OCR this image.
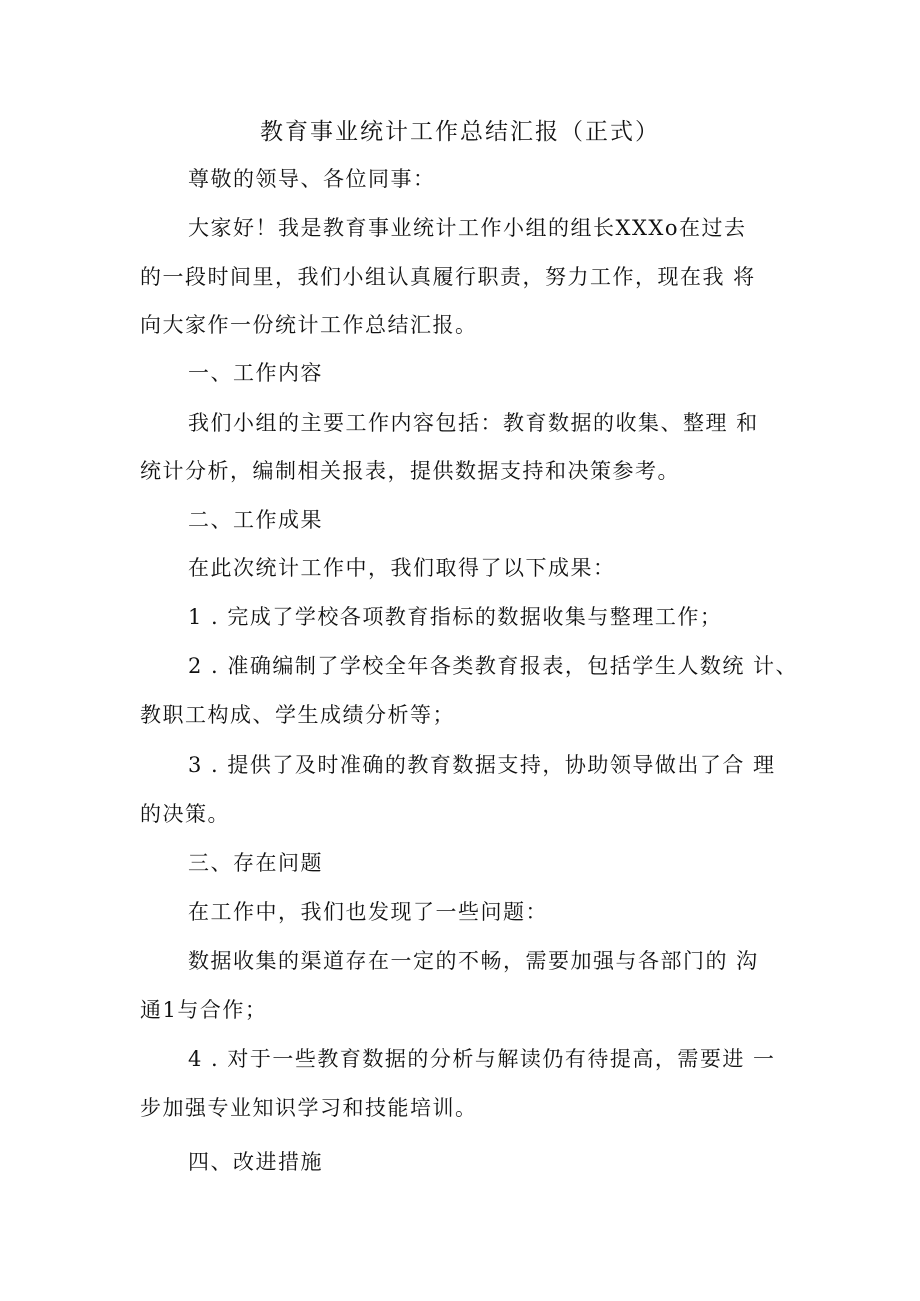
教育事业统计工作总结汇报（正式）
尊敬的领导、各位同事：
大家好！我是教育事业统计工作小组的组长XXXo在过去
的一段时间里，我们小组认真履行职责，努力工作，现在我 将
向大家作一份统计工作总结汇报。
一、工作内容
我们小组的主要工作内容包括：教育数据的收集、整理 和
统计分析，编制相关报表，提供数据支持和决策参考。
二、工作成果
在此次统计工作中，我们取得了以下成果：
1 . 完成了学校各项教育指标的数据收集与整理工作；
2 . 准确编制了学校全年各类教育报表，包括学生人数统 计、
教职工构成、学生成绩分析等；
3 . 提供了及时准确的教育数据支持，协助领导做出了合 理
的决策。
三、存在问题
在工作中，我们也发现了一些问题：
数据收集的渠道存在一定的不畅，需要加强与各部门的 沟
通1与合作；
4 . 对于一些教育数据的分析与解读仍有待提高，需要进 一
步加强专业知识学习和技能培训。
四、改进措施
